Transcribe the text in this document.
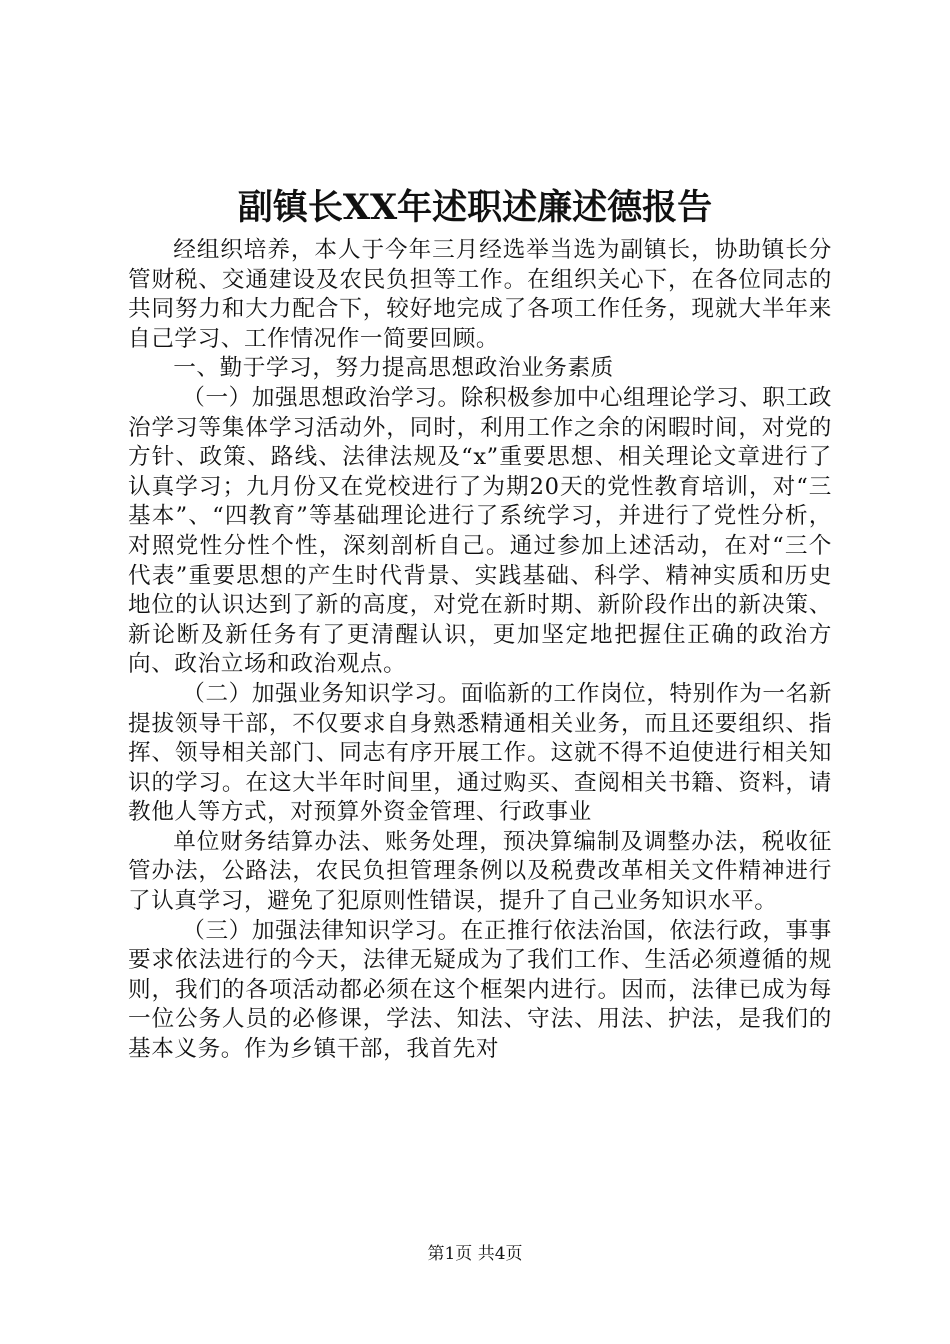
副镇长XX年述职述廉述德报告

经组织培养，本人于今年三月经选举当选为副镇长，协助镇长分管财税、交通建设及农民负担等工作。在组织关心下，在各位同志的共同努力和大力配合下，较好地完成了各项工作任务，现就大半年来自己学习、工作情况作一简要回顾。

一、勤于学习，努力提高思想政治业务素质

（一）加强思想政治学习。除积极参加中心组理论学习、职工政治学习等集体学习活动外，同时，利用工作之余的闲暇时间，对党的方针、政策、路线、法律法规及“x”重要思想、相关理论文章进行了认真学习；九月份又在党校进行了为期20天的党性教育培训，对“三基本”、“四教育”等基础理论进行了系统学习，并进行了党性分析，对照党性分性个性，深刻剖析自己。通过参加上述活动，在对“三个代表”重要思想的产生时代背景、实践基础、科学、精神实质和历史地位的认识达到了新的高度，对党在新时期、新阶段作出的新决策、新论断及新任务有了更清醒认识，更加坚定地把握住正确的政治方向、政治立场和政治观点。

（二）加强业务知识学习。面临新的工作岗位，特别作为一名新提拔领导干部，不仅要求自身熟悉精通相关业务，而且还要组织、指挥、领导相关部门、同志有序开展工作。这就不得不迫使进行相关知识的学习。在这大半年时间里，通过购买、查阅相关书籍、资料，请教他人等方式，对预算外资金管理、行政事业

单位财务结算办法、账务处理，预决算编制及调整办法，税收征管办法，公路法，农民负担管理条例以及税费改革相关文件精神进行了认真学习，避免了犯原则性错误，提升了自己业务知识水平。

（三）加强法律知识学习。在正推行依法治国，依法行政，事事要求依法进行的今天，法律无疑成为了我们工作、生活必须遵循的规则，我们的各项活动都必须在这个框架内进行。因而，法律已成为每一位公务人员的必修课，学法、知法、守法、用法、护法，是我们的基本义务。作为乡镇干部，我首先对

第1页 共4页
